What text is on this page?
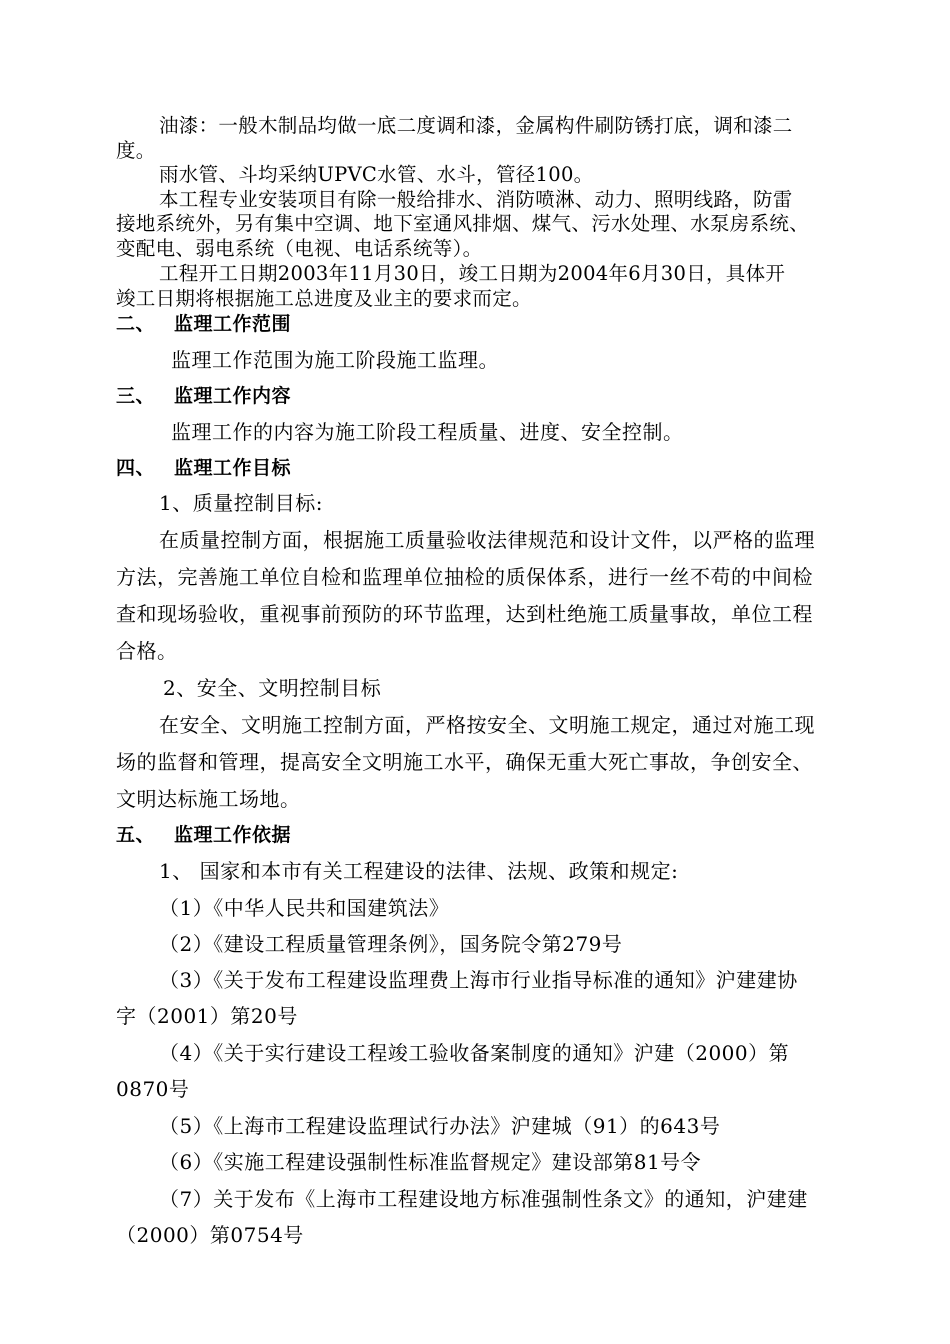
油漆：一般木制品均做一底二度调和漆，金属构件刷防锈打底，调和漆二

度。

雨水管、斗均采纳UPVC水管、水斗，管径100。

本工程专业安装项目有除一般给排水、消防喷淋、动力、照明线路，防雷

接地系统外，另有集中空调、地下室通风排烟、煤气、污水处理、水泵房系统、

变配电、弱电系统（电视、电话系统等）。

工程开工日期2003年11月30日，竣工日期为2004年6月30日，具体开

竣工日期将根据施工总进度及业主的要求而定。

二、 监理工作范围

监理工作范围为施工阶段施工监理。

三、 监理工作内容

监理工作的内容为施工阶段工程质量、进度、安全控制。

四、 监理工作目标

1、质量控制目标:

在质量控制方面，根据施工质量验收法律规范和设计文件，以严格的监理

方法，完善施工单位自检和监理单位抽检的质保体系，进行一丝不苟的中间检

查和现场验收，重视事前预防的环节监理，达到杜绝施工质量事故，单位工程

合格。

2、安全、文明控制目标

在安全、文明施工控制方面，严格按安全、文明施工规定，通过对施工现

场的监督和管理，提高安全文明施工水平，确保无重大死亡事故，争创安全、

文明达标施工场地。

五、 监理工作依据

1、 国家和本市有关工程建设的法律、法规、政策和规定:

（1）《中华人民共和国建筑法》

（2）《建设工程质量管理条例》，国务院令第279号

（3）《关于发布工程建设监理费上海市行业指导标准的通知》沪建建协

字（2001）第20号

（4）《关于实行建设工程竣工验收备案制度的通知》沪建（2000）第

0870号

（5）《上海市工程建设监理试行办法》沪建城（91）的643号

（6）《实施工程建设强制性标准监督规定》建设部第81号令

（7）关于发布《上海市工程建设地方标准强制性条文》的通知，沪建建

（2000）第0754号
